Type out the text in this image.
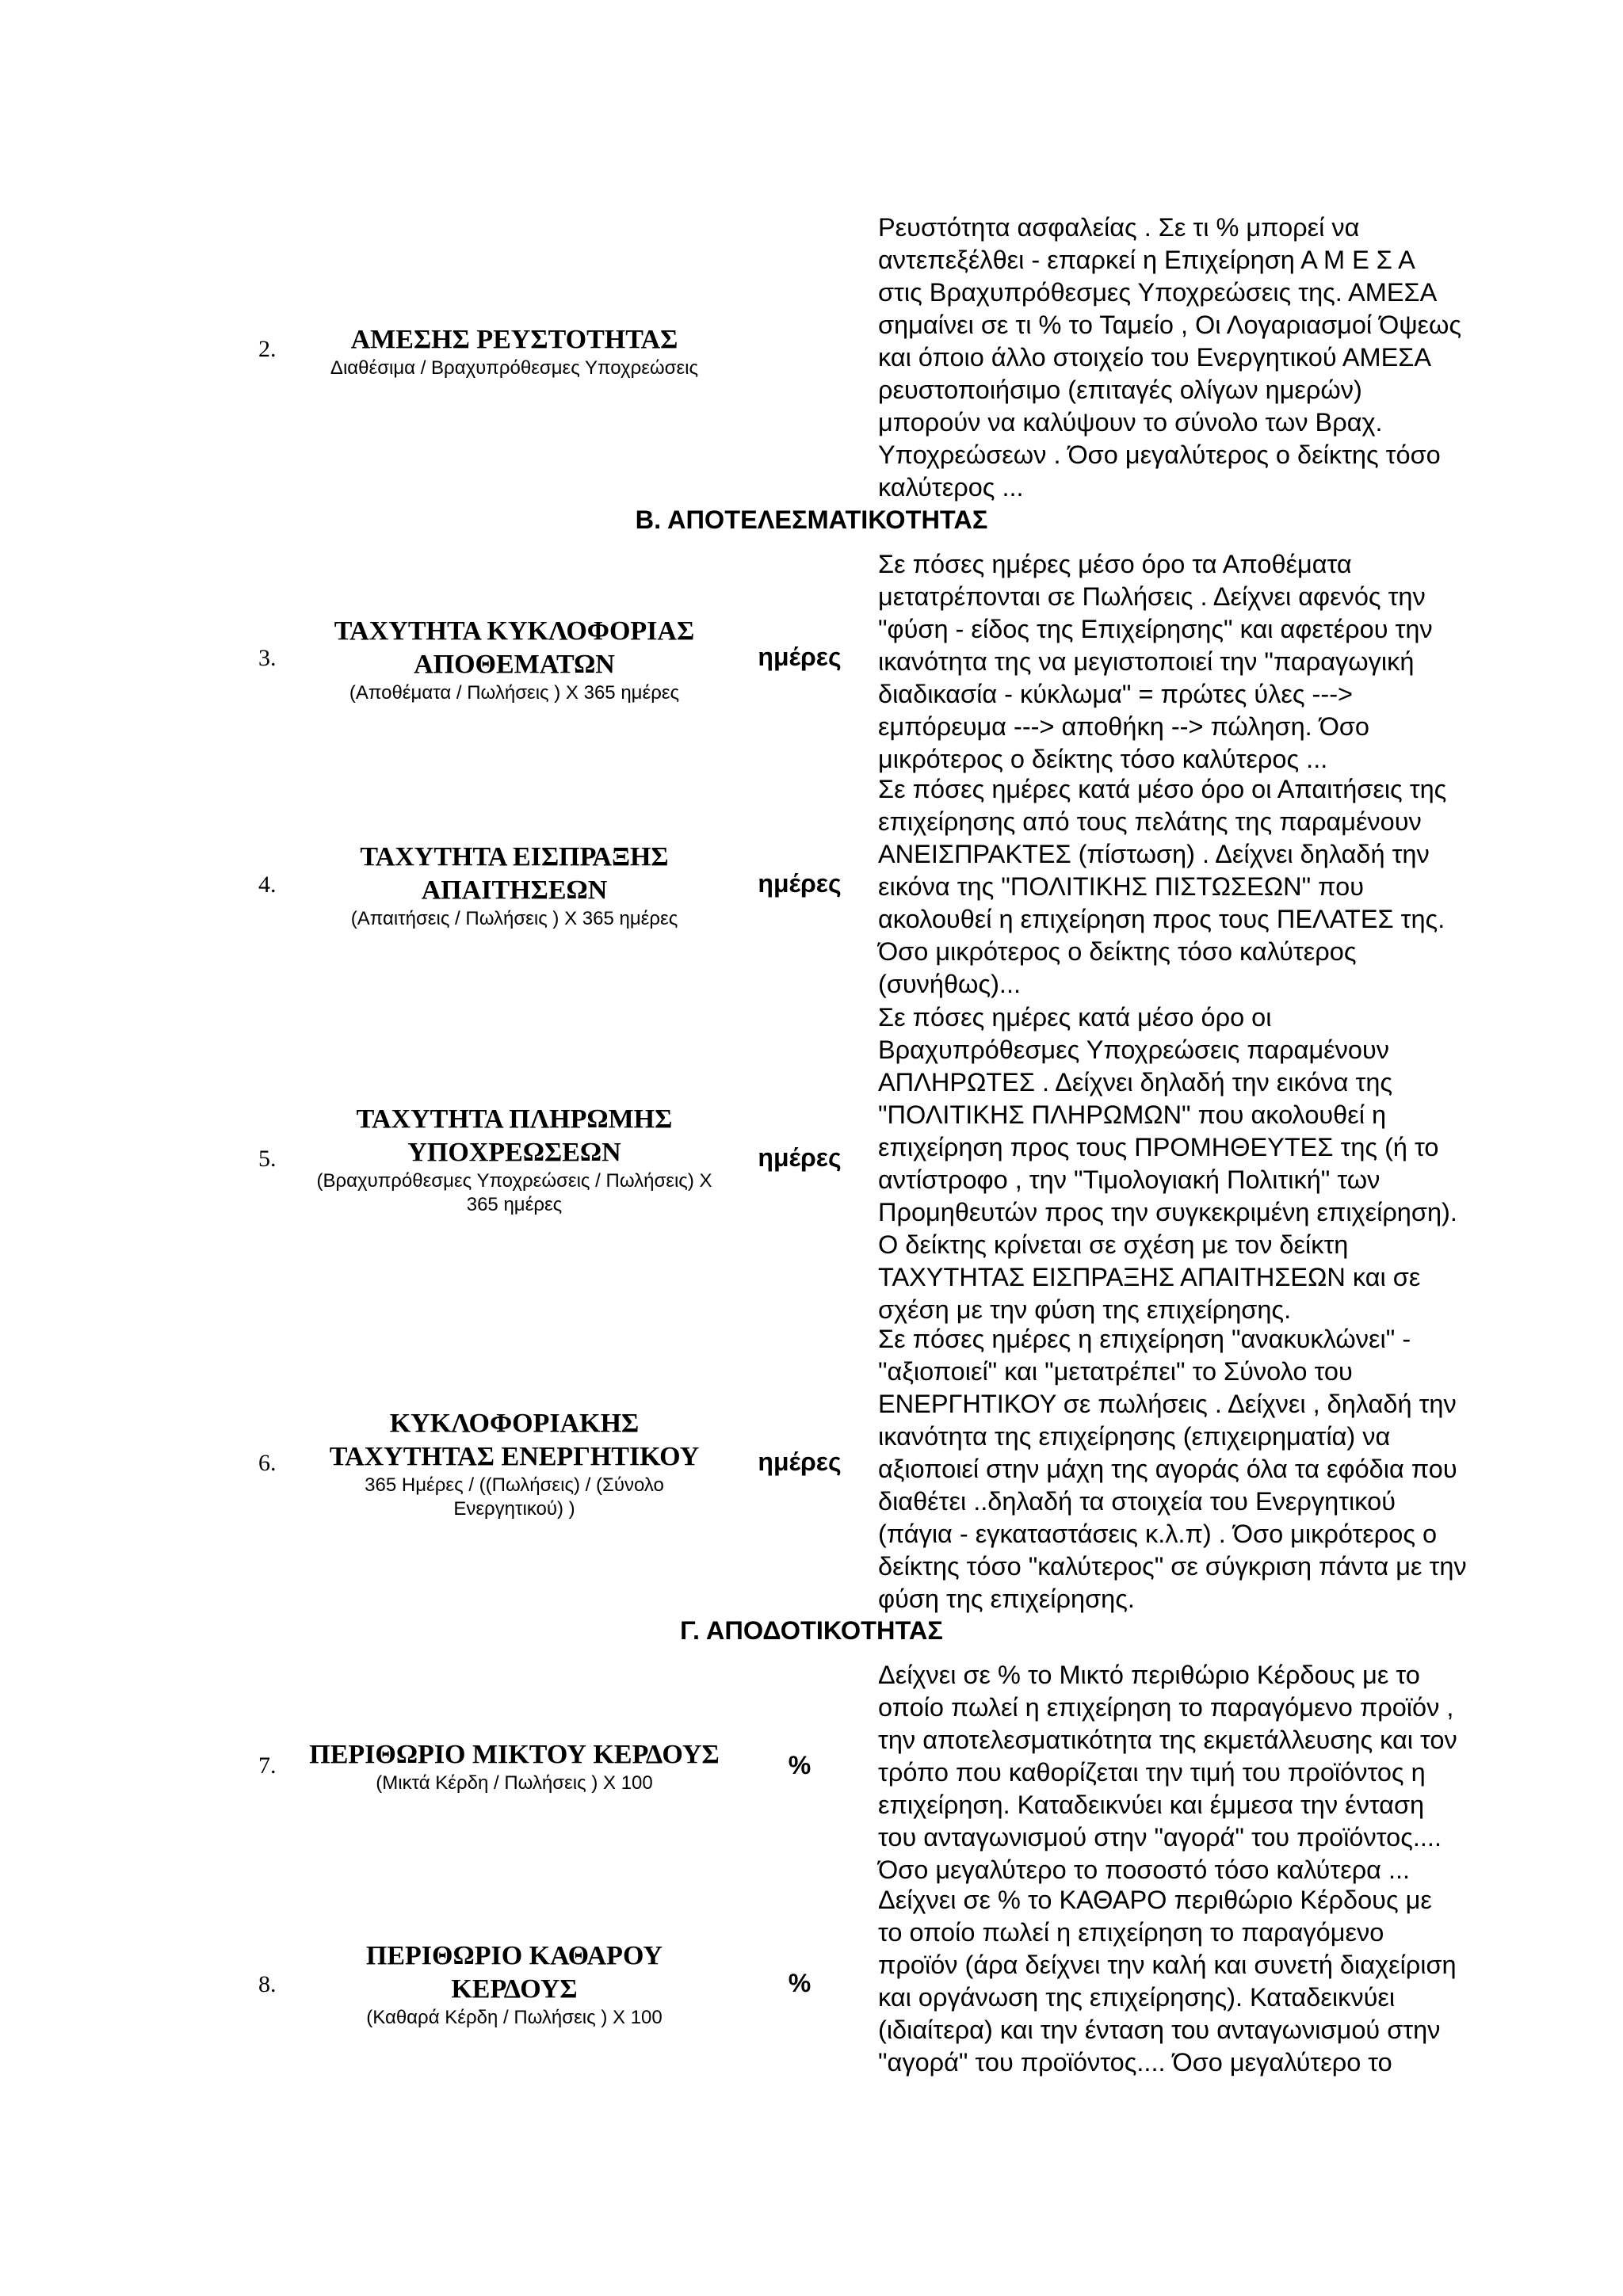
2.	ΑΜΕΣΗΣ ΡΕΥΣΤΟΤΗΤΑΣ
Διαθέσιμα / Βραχυπρόθεσμες Υποχρεώσεις
Ρευστότητα ασφαλείας . Σε τι % μπορεί να
αντεπεξέλθει - επαρκεί η Επιχείρηση Α Μ Ε Σ Α
στις Βραχυπρόθεσμες Υποχρεώσεις της. ΑΜΕΣΑ
σημαίνει σε τι % το Ταμείο , Οι Λογαριασμοί Όψεως
και όποιο άλλο στοιχείο του Ενεργητικού ΑΜΕΣΑ
ρευστοποιήσιμο (επιταγές ολίγων ημερών)
μπορούν να καλύψουν το σύνολο των Βραχ.
Υποχρεώσεων . Όσο μεγαλύτερος ο δείκτης τόσο
καλύτερος ...
Β. ΑΠΟΤΕΛΕΣΜΑΤΙΚΟΤΗΤΑΣ
3.
ΤΑΧΥΤΗΤΑ ΚΥΚΛΟΦΟΡΙΑΣ
ΑΠΟΘΕΜΑΤΩΝ
(Αποθέματα / Πωλήσεις ) Χ 365 ημέρες
ημέρες
Σε πόσες ημέρες μέσο όρο τα Αποθέματα
μετατρέπονται σε Πωλήσεις . Δείχνει αφενός την
"φύση - είδος της Επιχείρησης" και αφετέρου την
ικανότητα της να μεγιστοποιεί την "παραγωγική
διαδικασία - κύκλωμα" = πρώτες ύλες --->
εμπόρευμα ---> αποθήκη --> πώληση. Όσο
μικρότερος ο δείκτης τόσο καλύτερος ...
4.
ΤΑΧΥΤΗΤΑ ΕΙΣΠΡΑΞΗΣ
ΑΠΑΙΤΗΣΕΩΝ
(Απαιτήσεις / Πωλήσεις ) Χ 365 ημέρες
ημέρες
Σε πόσες ημέρες κατά μέσο όρο οι Απαιτήσεις της
επιχείρησης από τους πελάτης της παραμένουν
ΑΝΕΙΣΠΡΑΚΤΕΣ (πίστωση) . Δείχνει δηλαδή την
εικόνα της "ΠΟΛΙΤΙΚΗΣ ΠΙΣΤΩΣΕΩΝ" που
ακολουθεί η επιχείρηση προς τους ΠΕΛΑΤΕΣ της.
Όσο μικρότερος ο δείκτης τόσο καλύτερος
(συνήθως)...
5.
ΤΑΧΥΤΗΤΑ ΠΛΗΡΩΜΗΣ
ΥΠΟΧΡΕΩΣΕΩΝ
(Βραχυπρόθεσμες Υποχρεώσεις / Πωλήσεις) Χ
365 ημέρες
ημέρες
Σε πόσες ημέρες κατά μέσο όρο οι
Βραχυπρόθεσμες Υποχρεώσεις παραμένουν
ΑΠΛΗΡΩΤΕΣ . Δείχνει δηλαδή την εικόνα της
"ΠΟΛΙΤΙΚΗΣ ΠΛΗΡΩΜΩΝ" που ακολουθεί η
επιχείρηση προς τους ΠΡΟΜΗΘΕΥΤΕΣ της (ή το
αντίστροφο , την "Τιμολογιακή Πολιτική" των
Προμηθευτών προς την συγκεκριμένη επιχείρηση).
Ο δείκτης κρίνεται σε σχέση με τον δείκτη
ΤΑΧΥΤΗΤΑΣ ΕΙΣΠΡΑΞΗΣ ΑΠΑΙΤΗΣΕΩΝ και σε
σχέση με την φύση της επιχείρησης.
6.
ΚΥΚΛΟΦΟΡΙΑΚΗΣ
ΤΑΧΥΤΗΤΑΣ ΕΝΕΡΓΗΤΙΚΟΥ
365 Ημέρες / ((Πωλήσεις) / (Σύνολο
Ενεργητικού) )
ημέρες
Σε πόσες ημέρες η επιχείρηση "ανακυκλώνει" -
"αξιοποιεί" και "μετατρέπει" το Σύνολο του
ΕΝΕΡΓΗΤΙΚΟΥ σε πωλήσεις . Δείχνει , δηλαδή την
ικανότητα της επιχείρησης (επιχειρηματία) να
αξιοποιεί στην μάχη της αγοράς όλα τα εφόδια που
διαθέτει ..δηλαδή τα στοιχεία του Ενεργητικού
(πάγια - εγκαταστάσεις κ.λ.π) . Όσο μικρότερος ο
δείκτης τόσο "καλύτερος" σε σύγκριση πάντα με την
φύση της επιχείρησης.
Γ. ΑΠΟΔΟΤΙΚΟΤΗΤΑΣ
7.	ΠΕΡΙΘΩΡΙΟ ΜΙΚΤΟΥ ΚΕΡΔΟΥΣ
(Μικτά Κέρδη / Πωλήσεις ) Χ 100
%
Δείχνει σε % το Μικτό περιθώριο Κέρδους με το
οποίο πωλεί η επιχείρηση το παραγόμενο προϊόν ,
την αποτελεσματικότητα της εκμετάλλευσης και τον
τρόπο που καθορίζεται την τιμή του προϊόντος η
επιχείρηση. Καταδεικνύει και έμμεσα την ένταση
του ανταγωνισμού στην "αγορά" του προϊόντος....
Όσο μεγαλύτερο το ποσοστό τόσο καλύτερα ...
8.
ΠΕΡΙΘΩΡΙΟ ΚΑΘΑΡΟΥ
ΚΕΡΔΟΥΣ
(Καθαρά Κέρδη / Πωλήσεις ) Χ 100
%
Δείχνει σε % το ΚΑΘΑΡΟ περιθώριο Κέρδους με
το οποίο πωλεί η επιχείρηση το παραγόμενο
προϊόν (άρα δείχνει την καλή και συνετή διαχείριση
και οργάνωση της επιχείρησης). Καταδεικνύει
(ιδιαίτερα) και την ένταση του ανταγωνισμού στην
"αγορά" του προϊόντος.... Όσο μεγαλύτερο το
